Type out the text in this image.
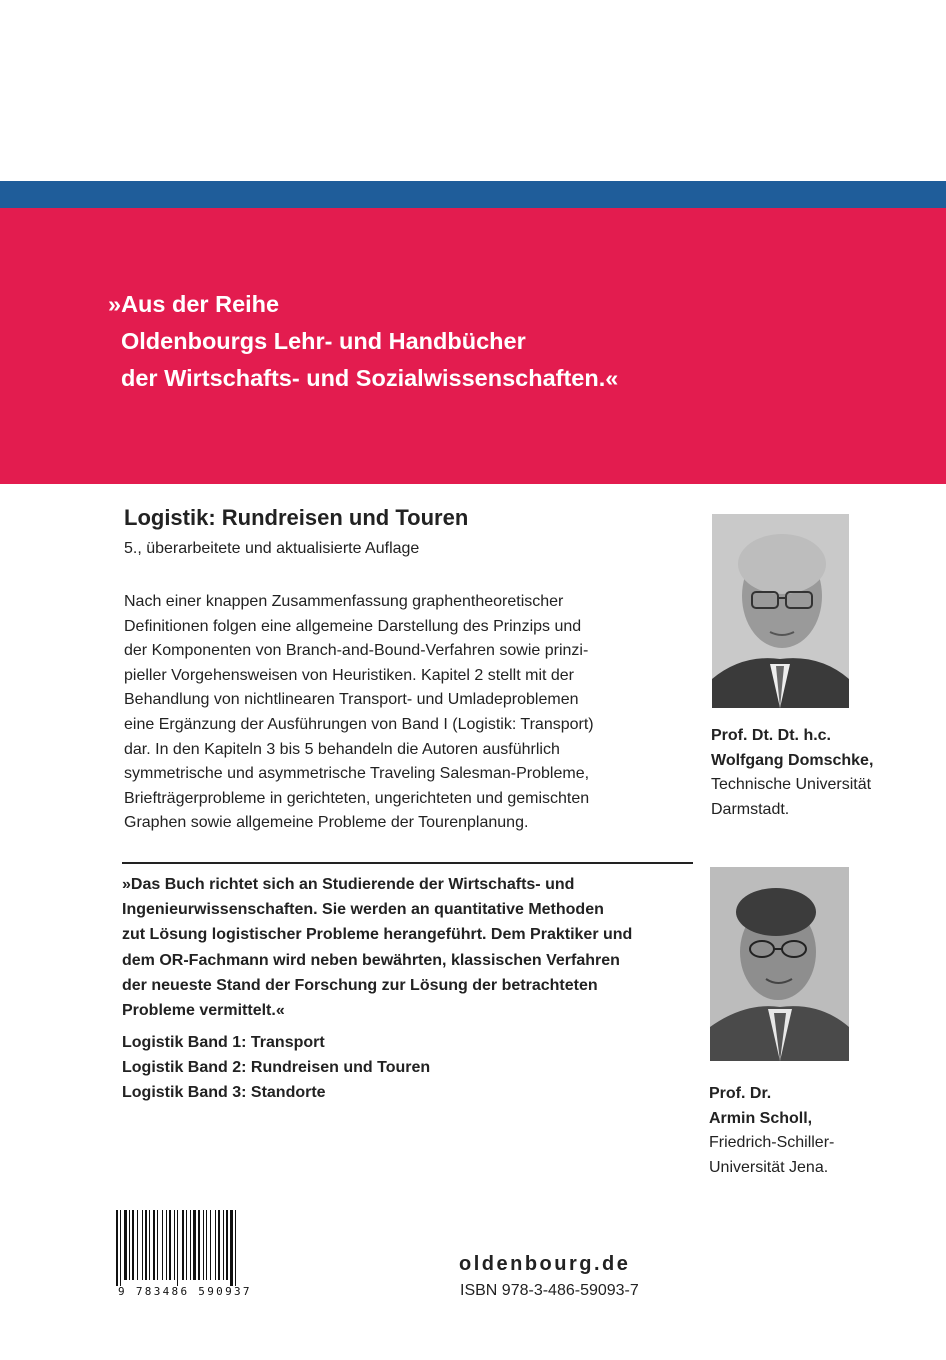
»Aus der Reihe
Oldenbourgs Lehr- und Handbücher
der Wirtschafts- und Sozialwissenschaften.«
Logistik: Rundreisen und Touren
5., überarbeitete und aktualisierte Auflage
Nach einer knappen Zusammenfassung graphentheoretischer
Definitionen folgen eine allgemeine Darstellung des Prinzips und
der Komponenten von Branch-and-Bound-Verfahren sowie prinzi-
pieller Vorgehensweisen von Heuristiken. Kapitel 2 stellt mit der
Behandlung von nichtlinearen Transport- und Umladeproblemen
eine Ergänzung der Ausführungen von Band I (Logistik: Transport)
dar. In den Kapiteln 3 bis 5 behandeln die Autoren ausführlich
symmetrische und asymmetrische Traveling Salesman-Probleme,
Briefträgerprobleme in gerichteten, ungerichteten und gemischten
Graphen sowie allgemeine Probleme der Tourenplanung.
»Das Buch richtet sich an Studierende der Wirtschafts- und
Ingenieurwissenschaften. Sie werden an quantitative Methoden
zut Lösung logistischer Probleme herangeführt. Dem Praktiker und
dem OR-Fachmann wird neben bewährten, klassischen Verfahren
der neueste Stand der Forschung zur Lösung der betrachteten
Probleme vermittelt.«
Logistik Band 1: Transport
Logistik Band 2: Rundreisen und Touren
Logistik Band 3: Standorte
Prof. Dt. Dt. h.c.
Wolfgang Domschke,
Technische Universität
Darmstadt.
Prof. Dr.
Armin Scholl,
Friedrich-Schiller-
Universität Jena.
9 783486 590937
oldenbourg.de
ISBN 978-3-486-59093-7
